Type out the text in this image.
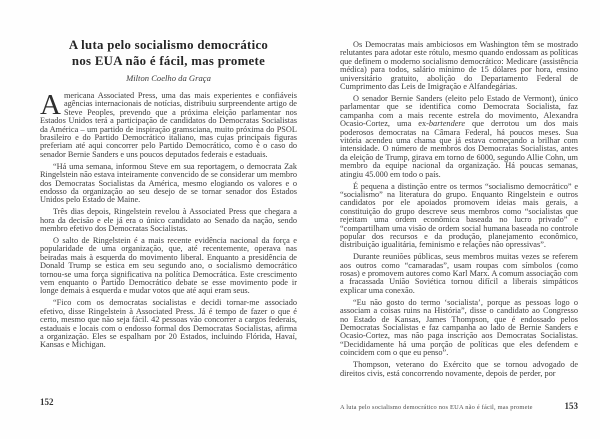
A luta pelo socialismo democrático
nos EUA não é fácil, mas promete
Milton Coelho da Graça

Americana Associated Press, uma das mais experientes e confiáveis agências internacionais de notícias, distribuiu surpreendente artigo de Steve Peoples, prevendo que a próxima eleição parlamentar nos Estados Unidos terá a participação de candidatos do Democratas Socialistas da América – um partido de inspiração gramsciana, muito próxima do PSOL brasileiro e do Partido Democrático italiano, mas cujas principais figuras preferiam até aqui concorrer pelo Partido Democrático, como é o caso do senador Bernie Sanders e uns poucos deputados federais e estaduais.

“Há uma semana, informou Steve em sua reportagem, o democrata Zak Ringelstein não estava inteiramente convencido de se considerar um membro dos Democratas Socialistas da América, mesmo elogiando os valores e o endosso da organização ao seu desejo de se tornar senador dos Estados Unidos pelo Estado de Maine.

Três dias depois, Ringelstein revelou à Associated Press que chegara a hora da decisão e ele já era o único candidato ao Senado da nação, sendo membro efetivo dos Democratas Socialistas.

O salto de Ringelstein é a mais recente evidência nacional da força e popularidade de uma organização, que, até recentemente, operava nas beiradas mais à esquerda do movimento liberal. Enquanto a presidência de Donald Trump se estica em seu segundo ano, o socialismo democrático tornou-se uma força significativa na política Democrática. Este crescimento vem enquanto o Partido Democrático debate se esse movimento pode ir longe demais à esquerda e mudar votos que até aqui eram seus.

“Fico com os democratas socialistas e decidi tornar-me associado efetivo, disse Ringelstein à Associated Press. Já é tempo de fazer o que é certo, mesmo que não seja fácil. 42 pessoas vão concorrer a cargos federais, estaduais e locais com o endosso formal dos Democratas Socialistas, afirma a organização. Eles se espalham por 20 Estados, incluindo Flórida, Havaí, Kansas e Michigan.

152

Os Democratas mais ambiciosos em Washington têm se mostrado relutantes para adotar este rótulo, mesmo quando endossam as políticas que definem o moderno socialismo democrático: Medicare (assistência médica) para todos, salário mínimo de 15 dólares por hora, ensino universitário gratuito, abolição do Departamento Federal de Cumprimento das Leis de Imigração e Alfandegárias.

O senador Bernie Sanders (eleito pelo Estado de Vermont), único parlamentar que se identifica como Democrata Socialista, faz campanha com a mais recente estrela do movimento, Alexandra Ocasio-Cortez, uma ex-bartendere que derrotou um dos mais poderosos democratas na Câmara Federal, há poucos meses. Sua vitória acendeu uma chama que já estava começando a brilhar com intensidade. O número de membros dos Democratas Socialistas, antes da eleição de Trump, girava em torno de 6000, segundo Allie Cohn, um membro da equipe nacional da organização. Há poucas semanas, atingiu 45.000 em todo o país.

É pequena a distinção entre os termos “socialismo democrático” e “socialismo” na literatura do grupo. Enquanto Ringelstein e outros candidatos por ele apoiados promovem ideias mais gerais, a constituição do grupo descreve seus membros como “socialistas que rejeitam uma ordem econômica baseada no lucro privado” e “compartilham uma visão de ordem social humana baseada no controle popular dos recursos e da produção, planejamento econômico, distribuição igualitária, feminismo e relações não opressivas”.

Durante reuniões públicas, seus membros muitas vezes se referem aos outros como “camaradas”, usam roupas com símbolos (como rosas) e promovem autores como Karl Marx. A comum associação com a fracassada União Soviética tornou difícil a liberais simpáticos explicar uma conexão.

“Eu não gosto do termo ‘socialista’, porque as pessoas logo o associam a coisas ruins na História”, disse o candidato ao Congresso no Estado de Kansas, James Thompson, que é endossado pelos Democratas Socialistas e faz campanha ao lado de Bernie Sanders e Ocasio-Cortez, mas não paga inscrição aos Democratas Socialistas. “Decididamente há uma porção de políticas que eles defendem e coincidem com o que eu penso”.

Thompson, veterano do Exército que se tornou advogado de direitos civis, está concorrendo novamente, depois de perder, por

A luta pelo socialismo democrático nos EUA não é fácil, mas promete	153
